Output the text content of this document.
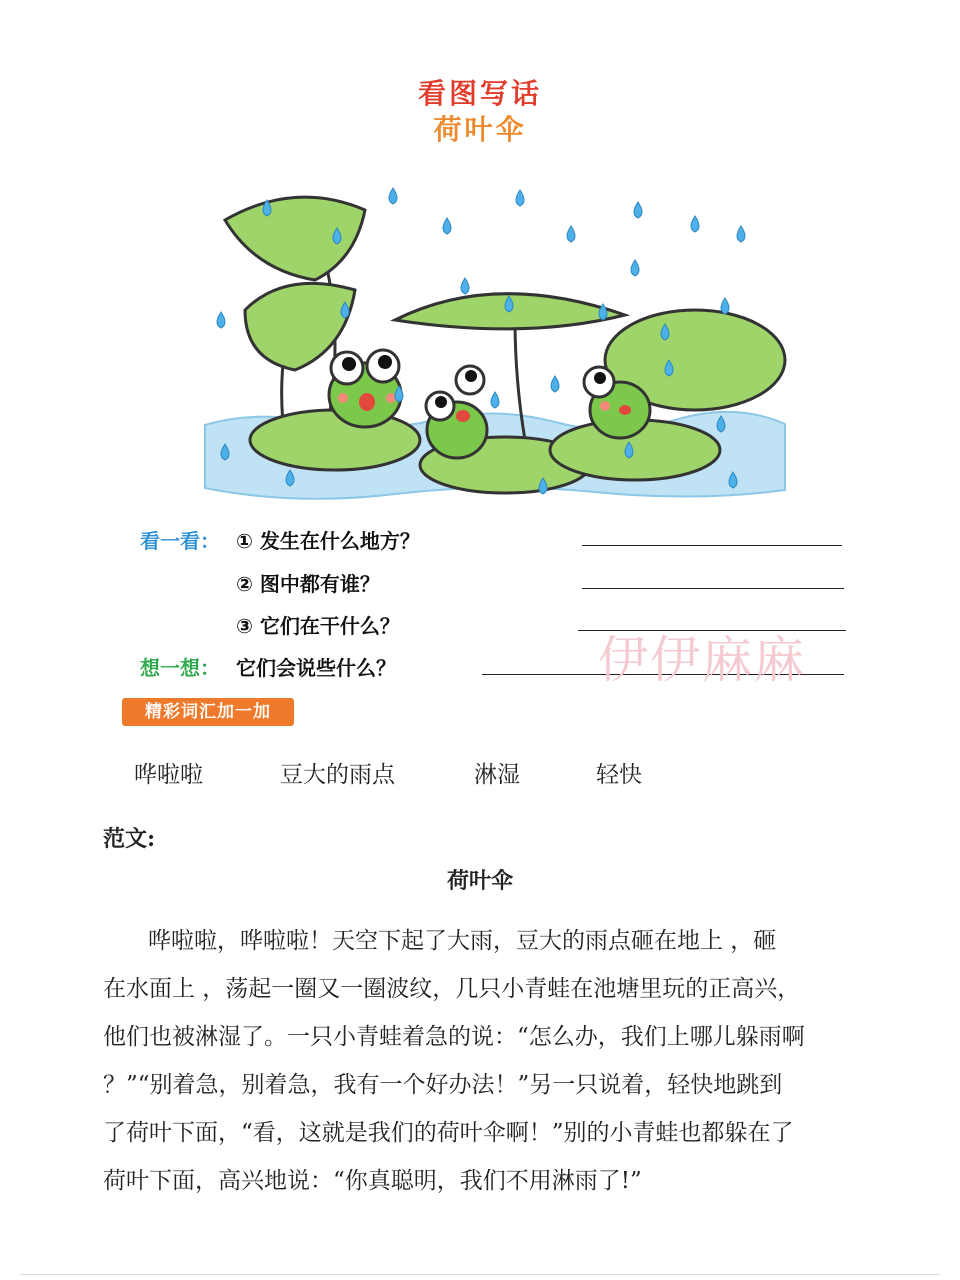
看图写话
荷叶伞
看一看： ① 发生在什么地方？
② 图中都有谁？
③ 它们在干什么？
想一想： 它们会说些什么？	伊伊麻麻
精彩词汇加一加
哗啦啦	豆大的雨点	淋湿	轻快
范文:
荷叶伞
哗啦啦，哗啦啦！天空下起了大雨，豆大的雨点砸在地上 ，砸
在水面上 ，荡起一圈又一圈波纹，几只小青蛙在池塘里玩的正高兴，
他们也被淋湿了。一只小青蛙着急的说：“怎么办，我们上哪儿躲雨啊
？”“别着急，别着急，我有一个好办法！”另一只说着，轻快地跳到
了荷叶下面，“看，这就是我们的荷叶伞啊！”别的小青蛙也都躲在了
荷叶下面，高兴地说：“你真聪明，我们不用淋雨了!”
